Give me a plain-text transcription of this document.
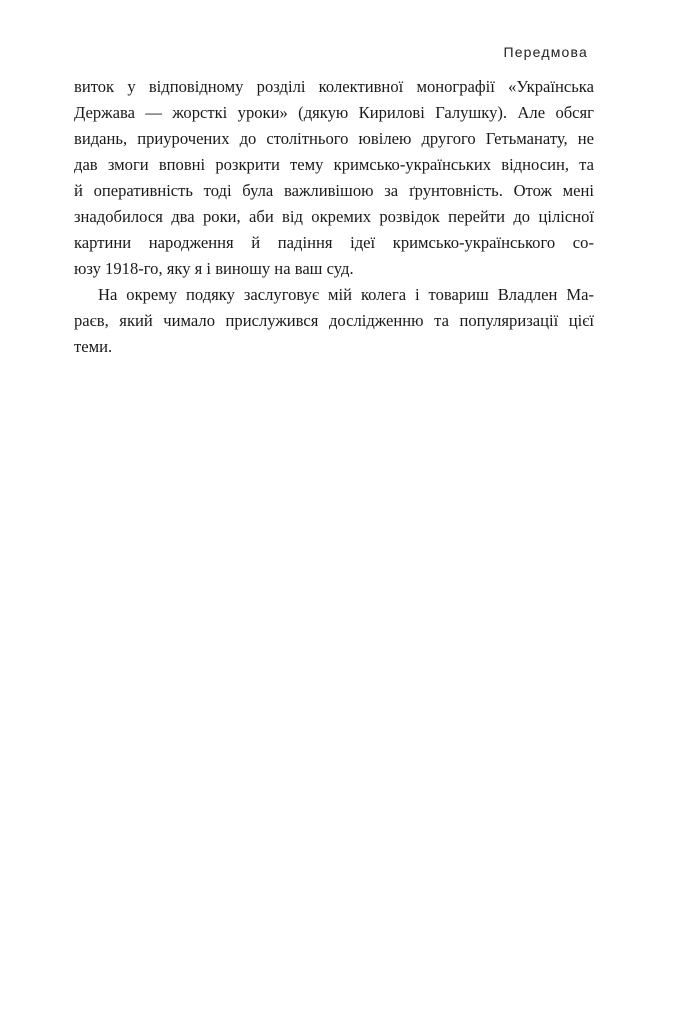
Передмова
виток у відповідному розділі колективної монографії «Українська
Держава — жорсткі уроки» (дякую Кирилові Галушку). Але обсяг
видань, приурочених до столітнього ювілею другого Гетьманату, не
дав змоги вповні розкрити тему кримсько-українських відносин, та
й оперативність тоді була важливішою за ґрунтовність. Отож мені
знадобилося два роки, аби від окремих розвідок перейти до цілісної
картини народження й падіння ідеї кримсько-українського со-
юзу 1918-го, яку я і виношу на ваш суд.
На окрему подяку заслуговує мій колега і товариш Владлен Ма-
раєв, який чимало прислужився дослідженню та популяризації цієї
теми.
